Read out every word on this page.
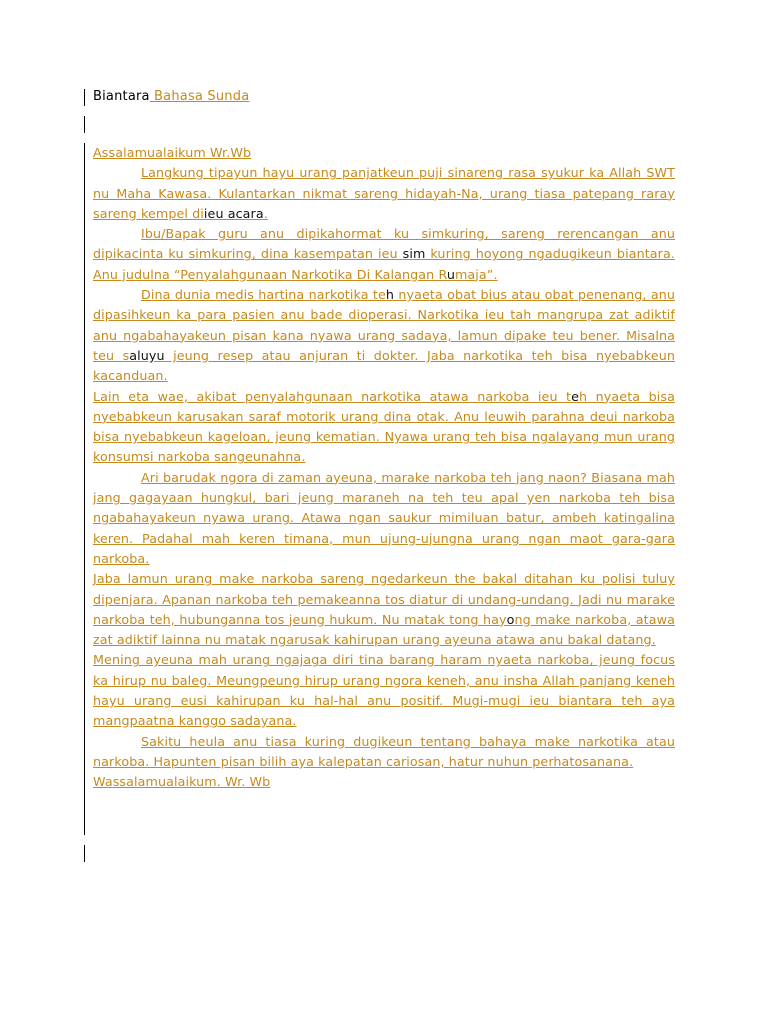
Biantara Bahasa Sunda

Assalamualaikum Wr.Wb

Langkung tipayun hayu urang panjatkeun puji sinareng rasa syukur ka Allah SWT nu Maha Kawasa. Kulantarkan nikmat sareng hidayah-Na, urang tiasa patepang raray sareng kempel diieu acara.

Ibu/Bapak guru anu dipikahormat ku simkuring, sareng rerencangan anu dipikacinta ku simkuring, dina kasempatan ieu sim kuring hoyong ngadugikeun biantara. Anu judulna “Penyalahgunaan Narkotika Di Kalangan Rumaja”.

Dina dunia medis hartina narkotika teh nyaeta obat bius atau obat penenang, anu dipasihkeun ka para pasien anu bade dioperasi. Narkotika ieu tah mangrupa zat adiktif anu ngabahayakeun pisan kana nyawa urang sadaya, lamun dipake teu bener. Misalna teu saluyu jeung resep atau anjuran ti dokter. Jaba narkotika teh bisa nyebabkeun kacanduan.

Lain eta wae, akibat penyalahgunaan narkotika atawa narkoba ieu teh nyaeta bisa nyebabkeun karusakan saraf motorik urang dina otak. Anu leuwih parahna deui narkoba bisa nyebabkeun kageloan, jeung kematian. Nyawa urang teh bisa ngalayang mun urang konsumsi narkoba sangeunahna.

Ari barudak ngora di zaman ayeuna, marake narkoba teh jang naon? Biasana mah jang gagayaan hungkul, bari jeung maraneh na teh teu apal yen narkoba teh bisa ngabahayakeun nyawa urang. Atawa ngan saukur mimiluan batur, ambeh katingalina keren. Padahal mah keren timana, mun ujung-ujungna urang ngan maot gara-gara narkoba.

Jaba lamun urang make narkoba sareng ngedarkeun the bakal ditahan ku polisi tuluy dipenjara. Apanan narkoba teh pemakeanna tos diatur di undang-undang. Jadi nu marake narkoba teh, hubunganna tos jeung hukum. Nu matak tong hayong make narkoba, atawa zat adiktif lainna nu matak ngarusak kahirupan urang ayeuna atawa anu bakal datang.

Mening ayeuna mah urang ngajaga diri tina barang haram nyaeta narkoba, jeung focus ka hirup nu baleg. Meungpeung hirup urang ngora keneh, anu insha Allah panjang keneh hayu urang eusi kahirupan ku hal-hal anu positif. Mugi-mugi ieu biantara teh aya mangpaatna kanggo sadayana.

Sakitu heula anu tiasa kuring dugikeun tentang bahaya make narkotika atau narkoba. Hapunten pisan bilih aya kalepatan cariosan, hatur nuhun perhatosanana.

Wassalamualaikum. Wr. Wb
